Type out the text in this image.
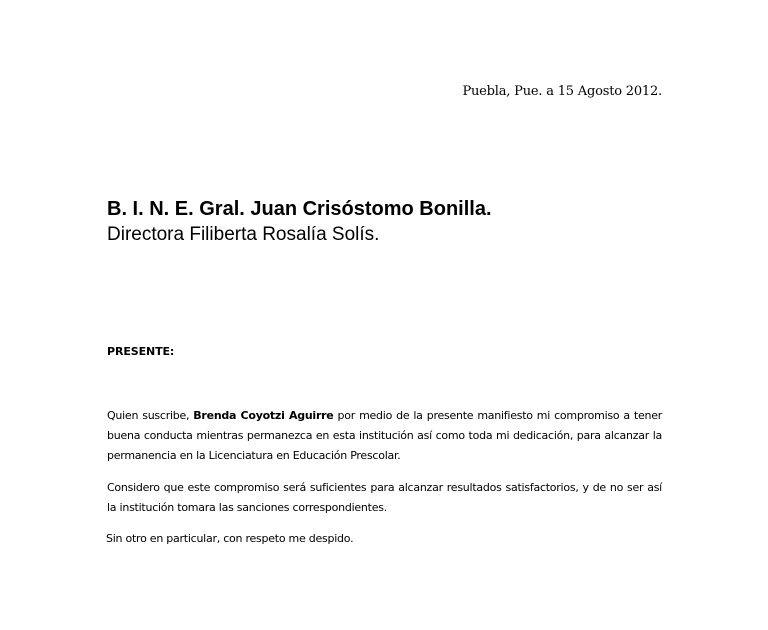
Puebla, Pue. a 15 Agosto 2012.
B. I. N. E. Gral. Juan Crisóstomo Bonilla.
Directora Filiberta Rosalía Solís.
PRESENTE:
Quien suscribe, Brenda Coyotzi Aguirre por medio de la presente manifiesto mi compromiso a tener buena conducta mientras permanezca en esta institución así como toda mi dedicación, para alcanzar la permanencia en la Licenciatura en Educación Prescolar.
Considero que este compromiso será suficientes para alcanzar resultados satisfactorios, y de no ser así la institución tomara las sanciones correspondientes.
Sin otro en particular, con respeto me despido.
